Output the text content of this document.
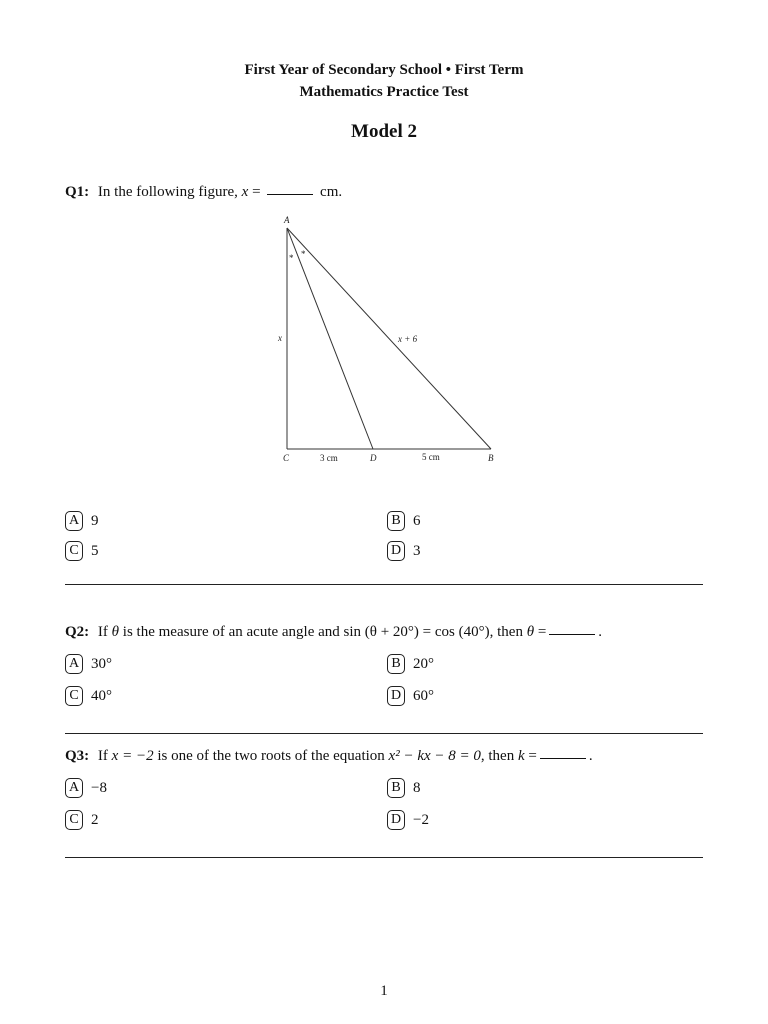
First Year of Secondary School • First Term
Mathematics Practice Test
Model 2
Q1: In the following figure, x =	cm.
A
C	D	B
x	x + 6
3 cm	5 cm
* *
A 9	B 6
C 5	D 3
Q2: If θ is the measure of an acute angle and sin (θ + 20°) = cos (40°), then θ =	.
A 30°	B 20°
C 40°	D 60°
Q3: If x = −2 is one of the two roots of the equation x² − kx − 8 = 0, then k =	.
A −8	B 8
C 2	D −2
1
